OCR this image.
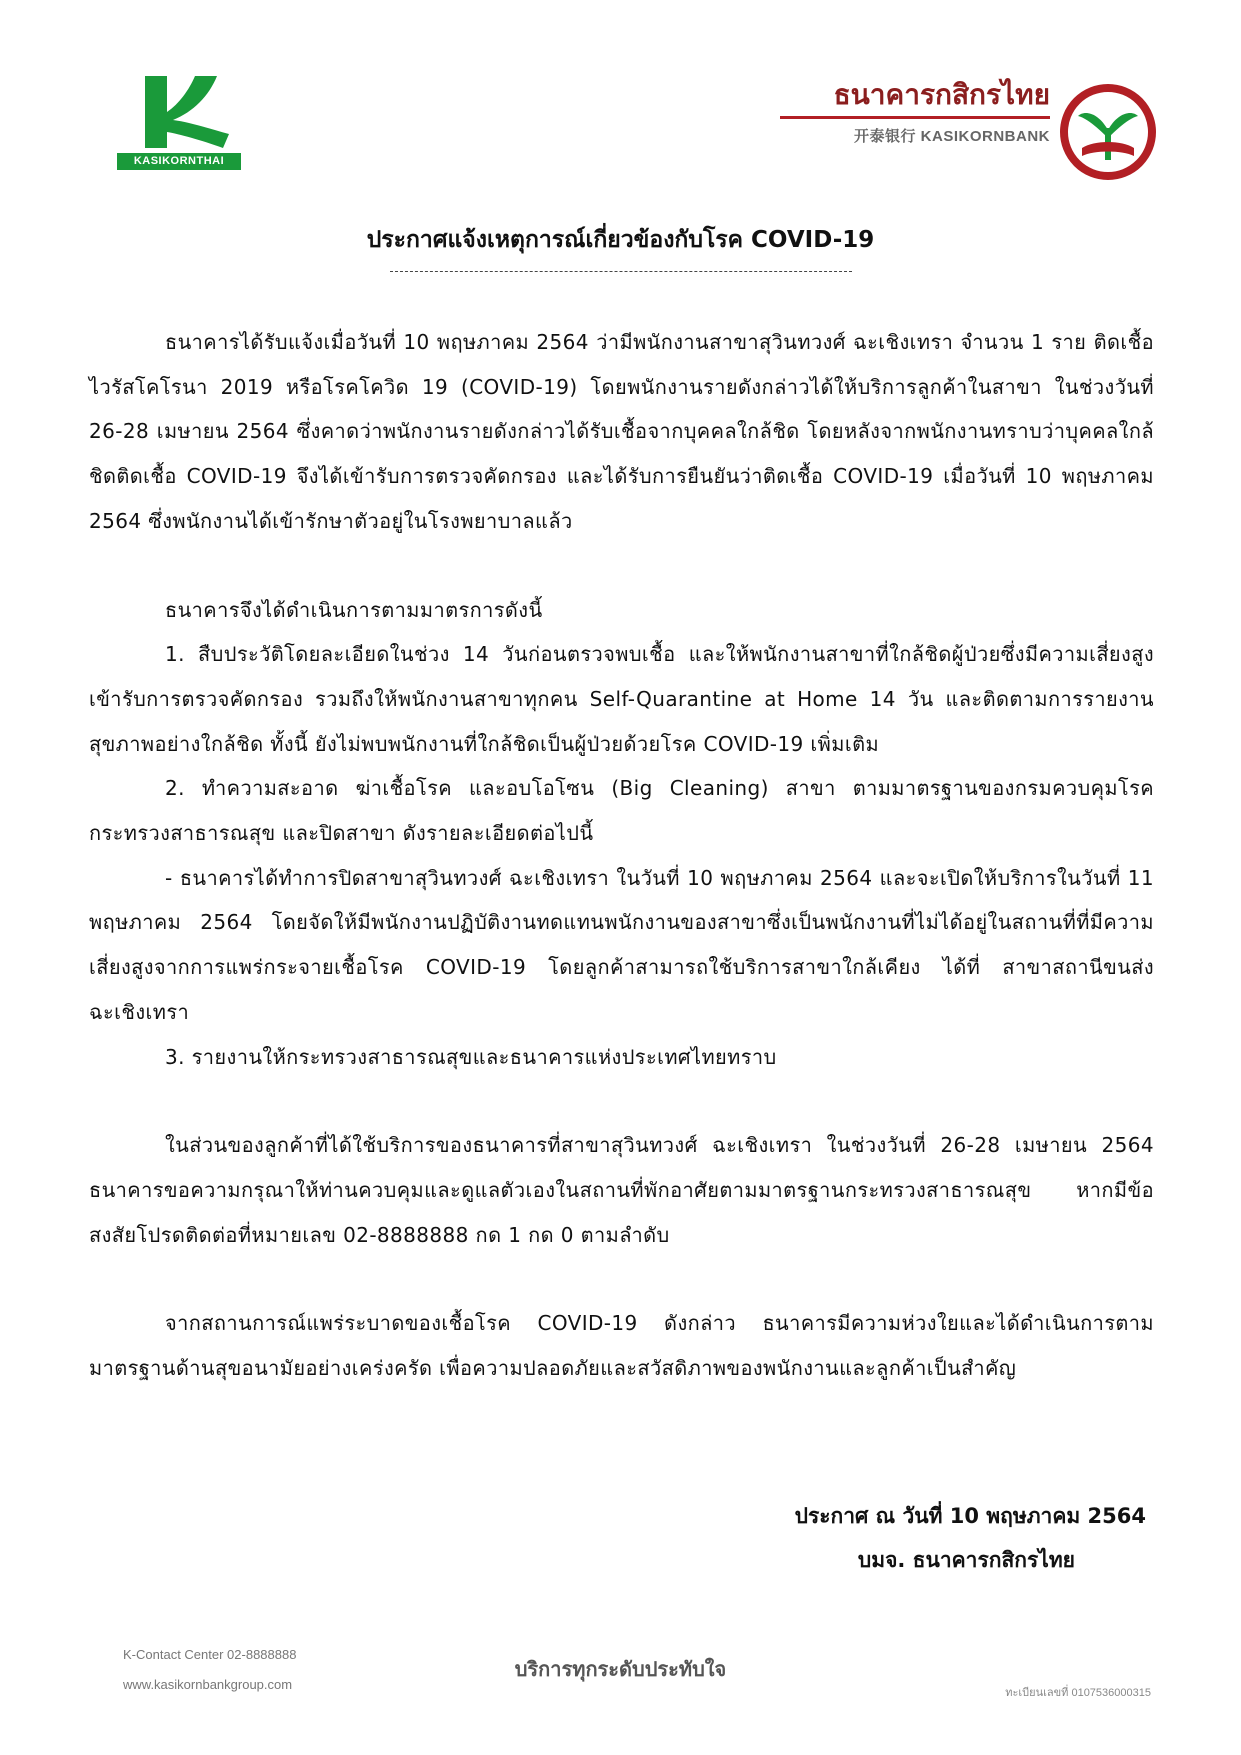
KASIKORNTHAI
ธนาคารกสิกรไทย
开泰银行 KASIKORNBANK
ประกาศแจ้งเหตุการณ์เกี่ยวข้องกับโรค COVID-19

ธนาคารได้รับแจ้งเมื่อวันที่ 10 พฤษภาคม 2564 ว่ามีพนักงานสาขาสุวินทวงศ์ ฉะเชิงเทรา จำนวน 1 ราย ติดเชื้อไวรัสโคโรนา 2019 หรือโรคโควิด 19 (COVID-19) โดยพนักงานรายดังกล่าวได้ให้บริการลูกค้าในสาขา ในช่วงวันที่ 26-28 เมษายน 2564 ซึ่งคาดว่าพนักงานรายดังกล่าวได้รับเชื้อจากบุคคลใกล้ชิด โดยหลังจากพนักงานทราบว่าบุคคลใกล้ชิดติดเชื้อ COVID-19 จึงได้เข้ารับการตรวจคัดกรอง และได้รับการยืนยันว่าติดเชื้อ COVID-19 เมื่อวันที่ 10 พฤษภาคม 2564 ซึ่งพนักงานได้เข้ารักษาตัวอยู่ในโรงพยาบาลแล้ว

ธนาคารจึงได้ดำเนินการตามมาตรการดังนี้

1. สืบประวัติโดยละเอียดในช่วง 14 วันก่อนตรวจพบเชื้อ และให้พนักงานสาขาที่ใกล้ชิดผู้ป่วยซึ่งมีความเสี่ยงสูงเข้ารับการตรวจคัดกรอง รวมถึงให้พนักงานสาขาทุกคน Self-Quarantine at Home 14 วัน และติดตามการรายงานสุขภาพอย่างใกล้ชิด ทั้งนี้ ยังไม่พบพนักงานที่ใกล้ชิดเป็นผู้ป่วยด้วยโรค COVID-19 เพิ่มเติม

2. ทำความสะอาด ฆ่าเชื้อโรค และอบโอโซน (Big Cleaning) สาขา ตามมาตรฐานของกรมควบคุมโรค กระทรวงสาธารณสุข และปิดสาขา ดังรายละเอียดต่อไปนี้

- ธนาคารได้ทำการปิดสาขาสุวินทวงศ์ ฉะเชิงเทรา ในวันที่ 10 พฤษภาคม 2564 และจะเปิดให้บริการในวันที่ 11 พฤษภาคม 2564 โดยจัดให้มีพนักงานปฏิบัติงานทดแทนพนักงานของสาขาซึ่งเป็นพนักงานที่ไม่ได้อยู่ในสถานที่ที่มีความเสี่ยงสูงจากการแพร่กระจายเชื้อโรค COVID-19 โดยลูกค้าสามารถใช้บริการสาขาใกล้เคียง ได้ที่ สาขาสถานีขนส่ง ฉะเชิงเทรา

3. รายงานให้กระทรวงสาธารณสุขและธนาคารแห่งประเทศไทยทราบ

ในส่วนของลูกค้าที่ได้ใช้บริการของธนาคารที่สาขาสุวินทวงศ์ ฉะเชิงเทรา ในช่วงวันที่ 26-28 เมษายน 2564 ธนาคารขอความกรุณาให้ท่านควบคุมและดูแลตัวเองในสถานที่พักอาศัยตามมาตรฐานกระทรวงสาธารณสุข หากมีข้อสงสัยโปรดติดต่อที่หมายเลข 02-8888888 กด 1 กด 0 ตามลำดับ

จากสถานการณ์แพร่ระบาดของเชื้อโรค COVID-19 ดังกล่าว ธนาคารมีความห่วงใยและได้ดำเนินการตามมาตรฐานด้านสุขอนามัยอย่างเคร่งครัด เพื่อความปลอดภัยและสวัสดิภาพของพนักงานและลูกค้าเป็นสำคัญ

ประกาศ ณ วันที่ 10 พฤษภาคม 2564
บมจ. ธนาคารกสิกรไทย
K-Contact Center 02-8888888
www.kasikornbankgroup.com
บริการทุกระดับประทับใจ
ทะเบียนเลขที่ 0107536000315
